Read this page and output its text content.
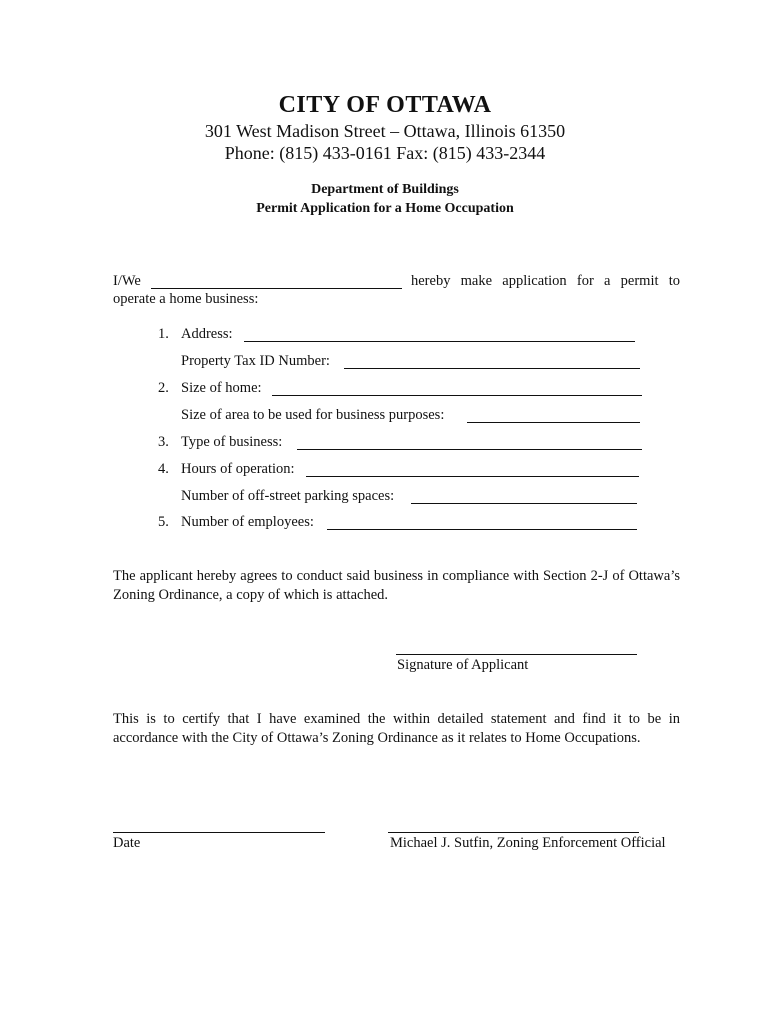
CITY OF OTTAWA
301 West Madison Street – Ottawa, Illinois 61350
Phone: (815) 433-0161 Fax: (815) 433-2344
Department of Buildings
Permit Application for a Home Occupation
I/We	hereby make application for a permit to
operate a home business:
1. Address:
Property Tax ID Number:
2. Size of home:
Size of area to be used for business purposes:
3. Type of business:
4. Hours of operation:
Number of off-street parking spaces:
5. Number of employees:
The applicant hereby agrees to conduct said business in compliance with Section 2-J of Ottawa’s Zoning Ordinance, a copy of which is attached.
Signature of Applicant
This is to certify that I have examined the within detailed statement and find it to be in accordance with the City of Ottawa’s Zoning Ordinance as it relates to Home Occupations.
Date	Michael J. Sutfin, Zoning Enforcement Official
